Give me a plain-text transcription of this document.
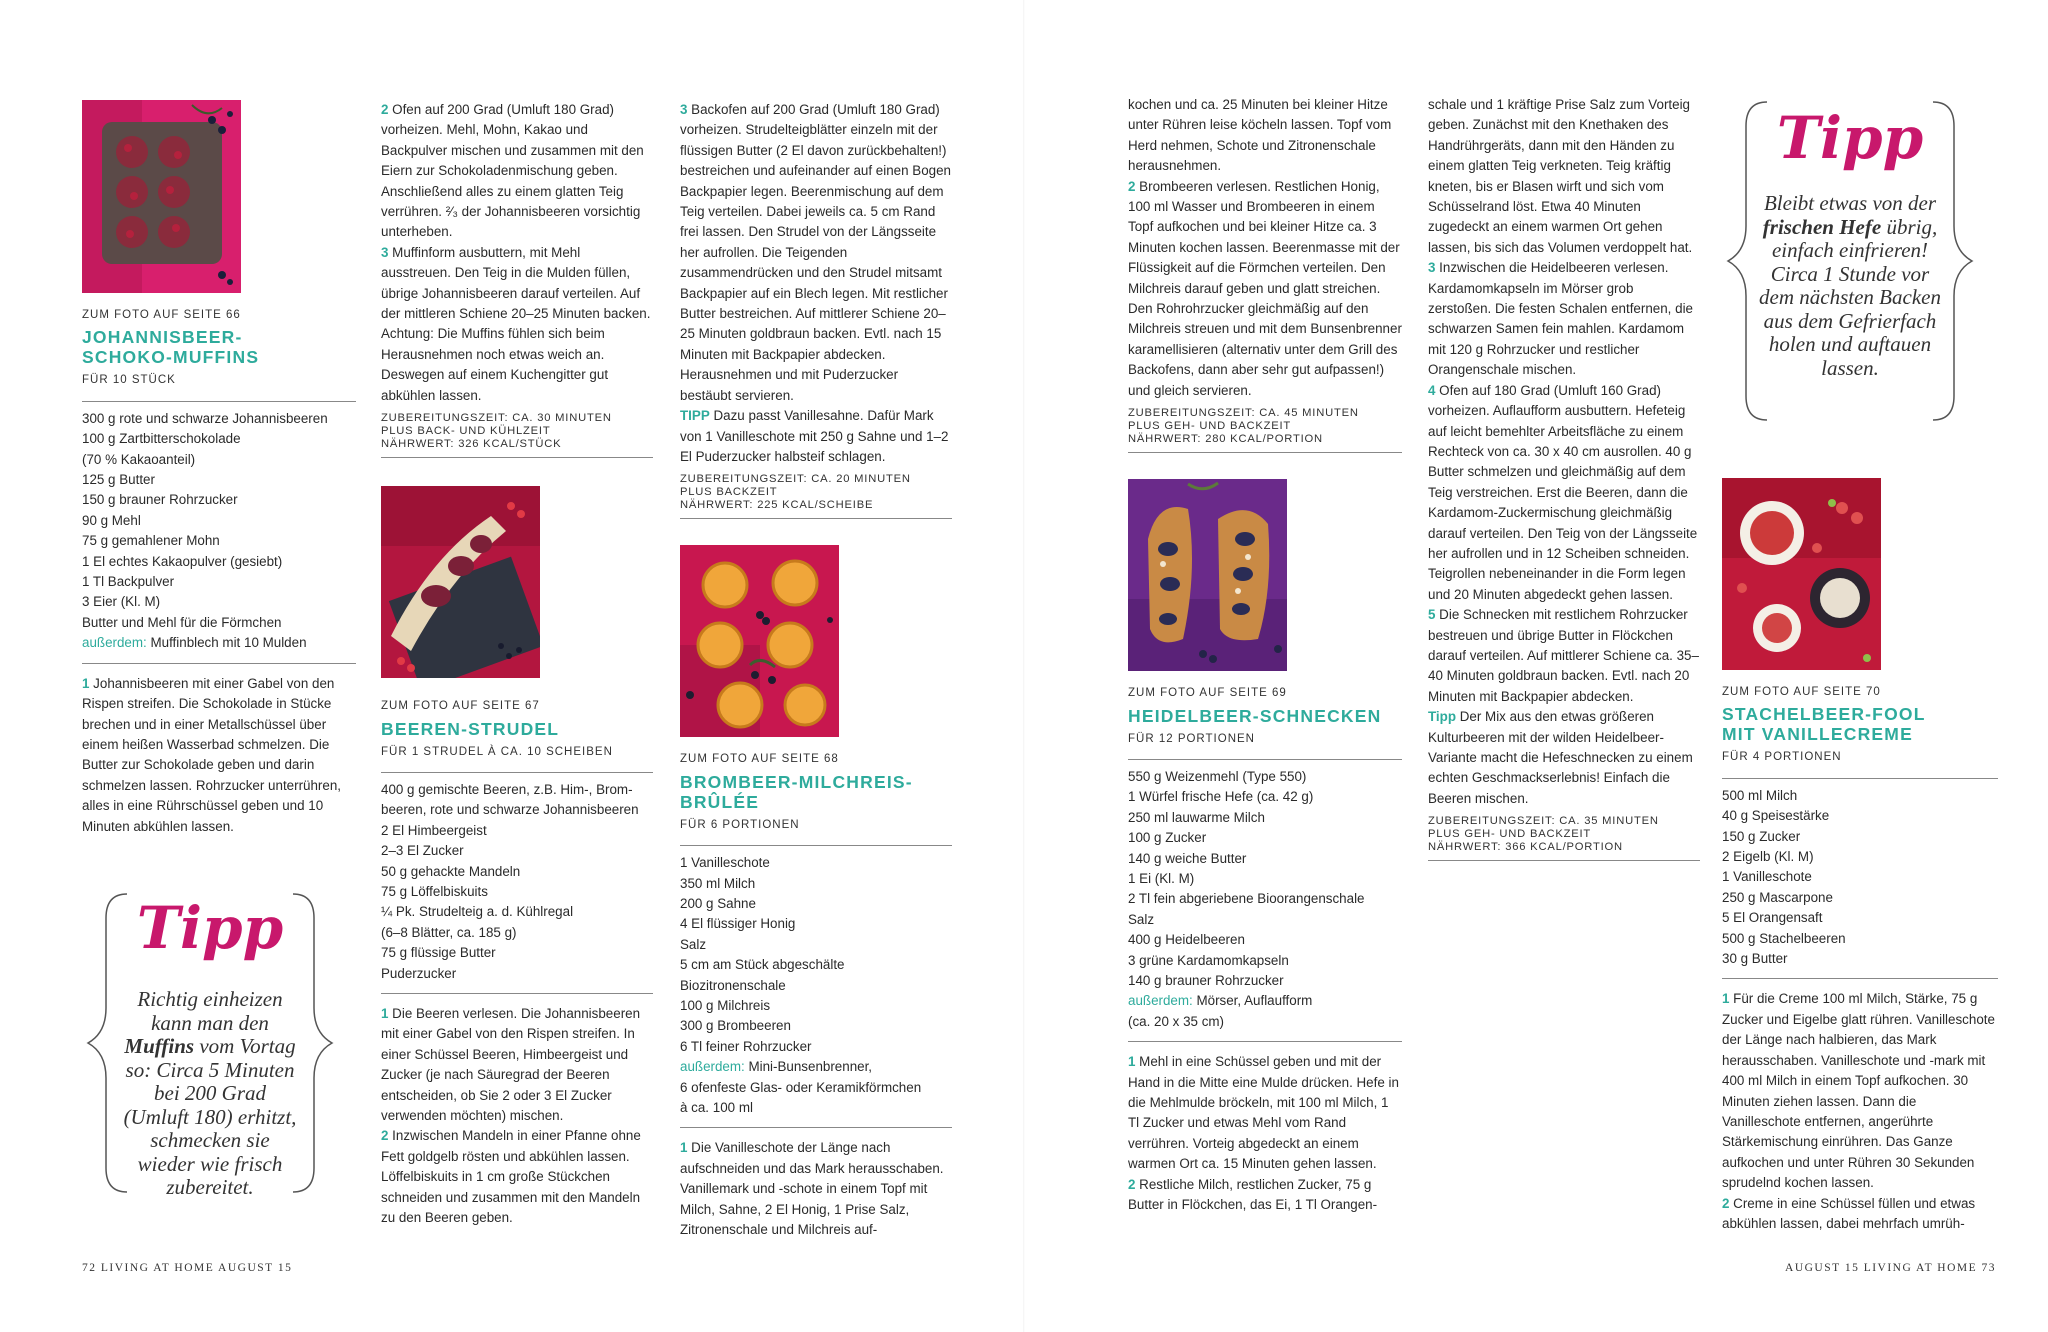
ZUM FOTO AUF SEITE 66
JOHANNISBEER-
SCHOKO-MUFFINS
FÜR 10 STÜCK
300 g rote und schwarze Johannisbeeren
100 g Zartbitterschokolade
(70 % Kakaoanteil)
125 g Butter
150 g brauner Rohrzucker
90 g Mehl
75 g gemahlener Mohn
1 El echtes Kakaopulver (gesiebt)
1 Tl Backpulver
3 Eier (Kl. M)
Butter und Mehl für die Förmchen
außerdem: Muffinblech mit 10 Mulden

1 Johannisbeeren mit einer Gabel von den Rispen streifen. Die Schokolade in Stücke brechen und in einer Metallschüssel über einem heißen Wasserbad schmelzen. Die Butter zur Schokolade geben und darin schmelzen lassen. Rohrzucker unterrühren, alles in eine Rührschüssel geben und 10 Minuten abkühlen lassen.

Tipp
Richtig einheizen kann man den Muffins vom Vortag so: Circa 5 Minuten bei 200 Grad (Umluft 180) erhitzt, schmecken sie wieder wie frisch zubereitet.

2 Ofen auf 200 Grad (Umluft 180 Grad) vorheizen. Mehl, Mohn, Kakao und Backpulver mischen und zusammen mit den Eiern zur Schokoladenmischung geben. Anschließend alles zu einem glatten Teig verrühren. ²⁄₃ der Johannisbeeren vorsichtig unterheben.

3 Muffinform ausbuttern, mit Mehl ausstreuen. Den Teig in die Mulden füllen, übrige Johannisbeeren darauf verteilen. Auf der mittleren Schiene 20–25 Minuten backen. Achtung: Die Muffins fühlen sich beim Herausnehmen noch etwas weich an. Deswegen auf einem Kuchengitter gut abkühlen lassen.

ZUBEREITUNGSZEIT: CA. 30 MINUTEN
PLUS BACK- UND KÜHLZEIT
NÄHRWERT: 326 KCAL/STÜCK
ZUM FOTO AUF SEITE 67
BEEREN-STRUDEL
FÜR 1 STRUDEL À CA. 10 SCHEIBEN
400 g gemischte Beeren, z.B. Him-, Brom-
beeren, rote und schwarze Johannisbeeren
2 El Himbeergeist
2–3 El Zucker
50 g gehackte Mandeln
75 g Löffelbiskuits
¼ Pk. Strudelteig a. d. Kühlregal
(6–8 Blätter, ca. 185 g)
75 g flüssige Butter
Puderzucker

1 Die Beeren verlesen. Die Johannisbeeren mit einer Gabel von den Rispen streifen. In einer Schüssel Beeren, Himbeergeist und Zucker (je nach Säuregrad der Beeren entscheiden, ob Sie 2 oder 3 El Zucker verwenden möchten) mischen.

2 Inzwischen Mandeln in einer Pfanne ohne Fett goldgelb rösten und abkühlen lassen. Löffelbiskuits in 1 cm große Stückchen schneiden und zusammen mit den Mandeln zu den Beeren geben.

3 Backofen auf 200 Grad (Umluft 180 Grad) vorheizen. Strudelteigblätter einzeln mit der flüssigen Butter (2 El davon zurückbehalten!) bestreichen und aufeinander auf einen Bogen Backpapier legen. Beerenmischung auf dem Teig verteilen. Dabei jeweils ca. 5 cm Rand frei lassen. Den Strudel von der Längsseite her aufrollen. Die Teigenden zusammendrücken und den Strudel mitsamt Backpapier auf ein Blech legen. Mit restlicher Butter bestreichen. Auf mittlerer Schiene 20–25 Minuten goldbraun backen. Evtl. nach 15 Minuten mit Backpapier abdecken. Herausnehmen und mit Puderzucker bestäubt servieren.

TIPP Dazu passt Vanillesahne. Dafür Mark von 1 Vanilleschote mit 250 g Sahne und 1–2 El Puderzucker halbsteif schlagen.

ZUBEREITUNGSZEIT: CA. 20 MINUTEN
PLUS BACKZEIT
NÄHRWERT: 225 KCAL/SCHEIBE
ZUM FOTO AUF SEITE 68
BROMBEER-MILCHREIS-BRÛLÉE
FÜR 6 PORTIONEN
1 Vanilleschote
350 ml Milch
200 g Sahne
4 El flüssiger Honig
Salz
5 cm am Stück abgeschälte
Biozitronenschale
100 g Milchreis
300 g Brombeeren
6 Tl feiner Rohrzucker
außerdem: Mini-Bunsenbrenner,
6 ofenfeste Glas- oder Keramikförmchen
à ca. 100 ml

1 Die Vanilleschote der Länge nach aufschneiden und das Mark herausschaben. Vanillemark und -schote in einem Topf mit Milch, Sahne, 2 El Honig, 1 Prise Salz, Zitronenschale und Milchreis auf-

72 LIVING AT HOME AUGUST 15

kochen und ca. 25 Minuten bei kleiner Hitze unter Rühren leise köcheln lassen. Topf vom Herd nehmen, Schote und Zitronenschale herausnehmen.

2 Brombeeren verlesen. Restlichen Honig, 100 ml Wasser und Brombeeren in einem Topf aufkochen und bei kleiner Hitze ca. 3 Minuten kochen lassen. Beerenmasse mit der Flüssigkeit auf die Förmchen verteilen. Den Milchreis darauf geben und glatt streichen. Den Rohrohrzucker gleichmäßig auf den Milchreis streuen und mit dem Bunsenbrenner karamellisieren (alternativ unter dem Grill des Backofens, dann aber sehr gut aufpassen!) und gleich servieren.

ZUBEREITUNGSZEIT: CA. 45 MINUTEN
PLUS GEH- UND BACKZEIT
NÄHRWERT: 280 KCAL/PORTION
ZUM FOTO AUF SEITE 69
HEIDELBEER-SCHNECKEN
FÜR 12 PORTIONEN
550 g Weizenmehl (Type 550)
1 Würfel frische Hefe (ca. 42 g)
250 ml lauwarme Milch
100 g Zucker
140 g weiche Butter
1 Ei (Kl. M)
2 Tl fein abgeriebene Bioorangenschale
Salz
400 g Heidelbeeren
3 grüne Kardamomkapseln
140 g brauner Rohrzucker
außerdem: Mörser, Auflaufform
(ca. 20 x 35 cm)

1 Mehl in eine Schüssel geben und mit der Hand in die Mitte eine Mulde drücken. Hefe in die Mehlmulde bröckeln, mit 100 ml Milch, 1 Tl Zucker und etwas Mehl vom Rand verrühren. Vorteig abgedeckt an einem warmen Ort ca. 15 Minuten gehen lassen.

2 Restliche Milch, restlichen Zucker, 75 g Butter in Flöckchen, das Ei, 1 Tl Orangen-

schale und 1 kräftige Prise Salz zum Vorteig geben. Zunächst mit den Knethaken des Handrührgeräts, dann mit den Händen zu einem glatten Teig verkneten. Teig kräftig kneten, bis er Blasen wirft und sich vom Schüsselrand löst. Etwa 40 Minuten zugedeckt an einem warmen Ort gehen lassen, bis sich das Volumen verdoppelt hat.

3 Inzwischen die Heidelbeeren verlesen. Kardamomkapseln im Mörser grob zerstoßen. Die festen Schalen entfernen, die schwarzen Samen fein mahlen. Kardamom mit 120 g Rohrzucker und restlicher Orangenschale mischen.

4 Ofen auf 180 Grad (Umluft 160 Grad) vorheizen. Auflaufform ausbuttern. Hefeteig auf leicht bemehlter Arbeitsfläche zu einem Rechteck von ca. 30 x 40 cm ausrollen. 40 g Butter schmelzen und gleichmäßig auf dem Teig verstreichen. Erst die Beeren, dann die Kardamom-Zuckermischung gleichmäßig darauf verteilen. Den Teig von der Längsseite her aufrollen und in 12 Scheiben schneiden. Teigrollen nebeneinander in die Form legen und 20 Minuten abgedeckt gehen lassen.

5 Die Schnecken mit restlichem Rohrzucker bestreuen und übrige Butter in Flöckchen darauf verteilen. Auf mittlerer Schiene ca. 35–40 Minuten goldbraun backen. Evtl. nach 20 Minuten mit Backpapier abdecken.

Tipp Der Mix aus den etwas größeren Kulturbeeren mit der wilden Heidelbeer-Variante macht die Hefeschnecken zu einem echten Geschmackserlebnis! Einfach die Beeren mischen.

ZUBEREITUNGSZEIT: CA. 35 MINUTEN
PLUS GEH- UND BACKZEIT
NÄHRWERT: 366 KCAL/PORTION
Tipp
Bleibt etwas von der frischen Hefe übrig, einfach einfrieren! Circa 1 Stunde vor dem nächsten Backen aus dem Gefrierfach holen und auftauen lassen.
ZUM FOTO AUF SEITE 70
STACHELBEER-FOOL
MIT VANILLECREME
FÜR 4 PORTIONEN
500 ml Milch
40 g Speisestärke
150 g Zucker
2 Eigelb (Kl. M)
1 Vanilleschote
250 g Mascarpone
5 El Orangensaft
500 g Stachelbeeren
30 g Butter

1 Für die Creme 100 ml Milch, Stärke, 75 g Zucker und Eigelbe glatt rühren. Vanilleschote der Länge nach halbieren, das Mark herausschaben. Vanilleschote und -mark mit 400 ml Milch in einem Topf aufkochen. 30 Minuten ziehen lassen. Dann die Vanilleschote entfernen, angerührte Stärkemischung einrühren. Das Ganze aufkochen und unter Rühren 30 Sekunden sprudelnd kochen lassen.

2 Creme in eine Schüssel füllen und etwas abkühlen lassen, dabei mehrfach umrüh-

AUGUST 15 LIVING AT HOME 73
